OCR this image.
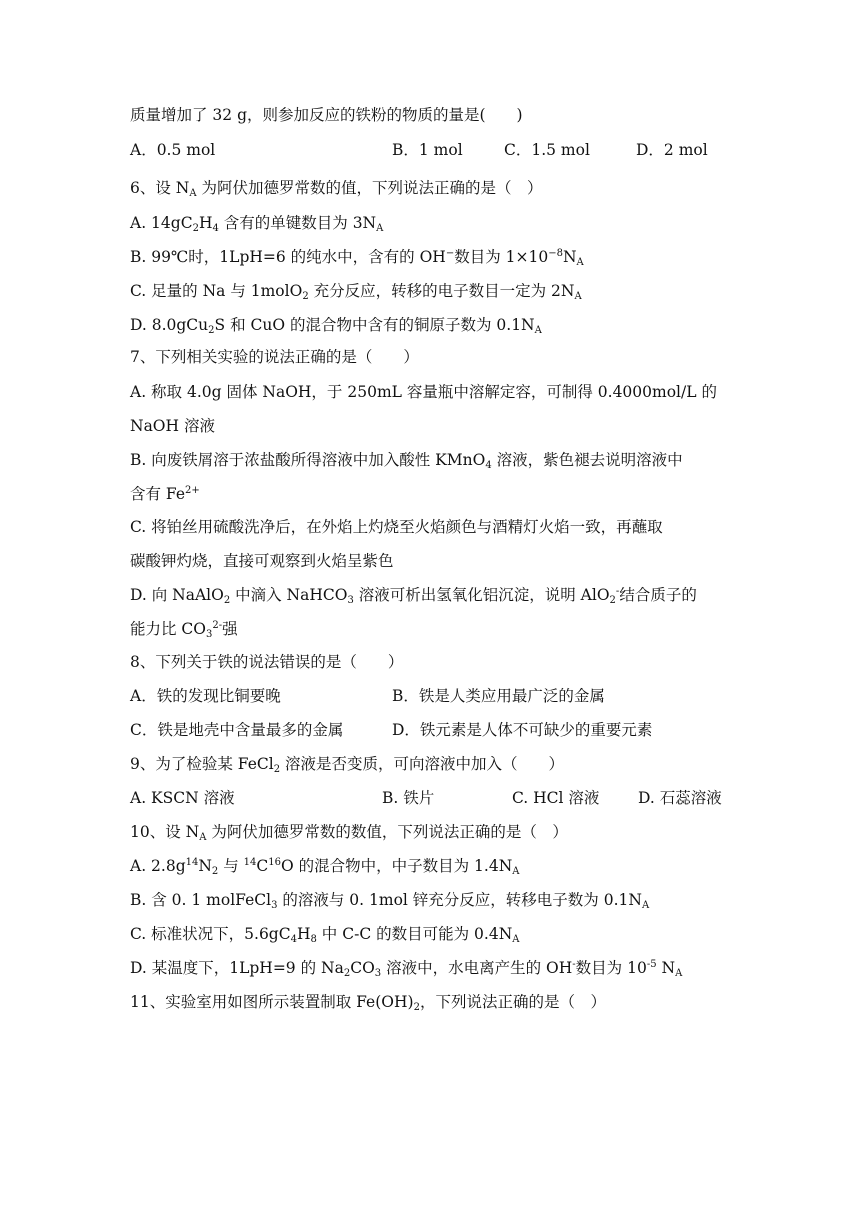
质量增加了 32 g，则参加反应的铁粉的物质的量是(　　)
A．0.5 mol	B．1 mol	C．1.5 mol	D．2 mol
6、设 $N_A$ 为阿伏加德罗常数的值，下列说法正确的是（　）
A. $14gC_2H_4$ 含有的单键数目为 $3N_A$
B. 99℃时，1LpH=6 的纯水中，含有的 OH−数目为 $1\times 10^{-8}N_A$
C. 足量的 Na 与 1molO$_2$ 充分反应，转移的电子数目一定为 $2N_A$
D. 8.0gCu$_2$S 和 CuO 的混合物中含有的铜原子数为 $0.1N_A$
7、下列相关实验的说法正确的是（　　）
A. 称取 4.0g 固体 NaOH，于 250mL 容量瓶中溶解定容，可制得 0.4000mol/L 的
NaOH 溶液
B. 向废铁屑溶于浓盐酸所得溶液中加入酸性 KMnO$_4$ 溶液，紫色褪去说明溶液中
含有 $Fe^{2+}$
C. 将铂丝用硫酸洗净后，在外焰上灼烧至火焰颜色与酒精灯火焰一致，再蘸取
碳酸钾灼烧，直接可观察到火焰呈紫色
D. 向 NaAlO$_2$ 中滴入 NaHCO$_3$ 溶液可析出氢氧化铝沉淀，说明 AlO$_2$-结合质子的
能力比 $CO_3^{2-}$强
8、下列关于铁的说法错误的是（　　）
A．铁的发现比铜要晚	B．铁是人类应用最广泛的金属
C．铁是地壳中含量最多的金属	D．铁元素是人体不可缺少的重要元素
9、为了检验某 FeCl$_2$ 溶液是否变质，可向溶液中加入（　　）
A. KSCN 溶液	B. 铁片	C. HCl 溶液 D. 石蕊溶液
10、设 $N_A$ 为阿伏加德罗常数的数值，下列说法正确的是（　）
A. $2.8g^{14}N_2$ 与 $^{14}C^{16}O$ 的混合物中，中子数目为 $1.4N_A$
B. 含 0. 1 molFeCl$_3$ 的溶液与 0. 1mol 锌充分反应，转移电子数为 $0.1N_A$
C. 标准状况下，$5.6gC_4H_8$ 中 C-C 的数目可能为 $0.4N_A$
D. 某温度下，1LpH=9 的 $Na_2CO_3$ 溶液中，水电离产生的 OH-数目为 $10^{-5}$ $N_A$
11、实验室用如图所示装置制取 $Fe(OH)_2$，下列说法正确的是（　）
